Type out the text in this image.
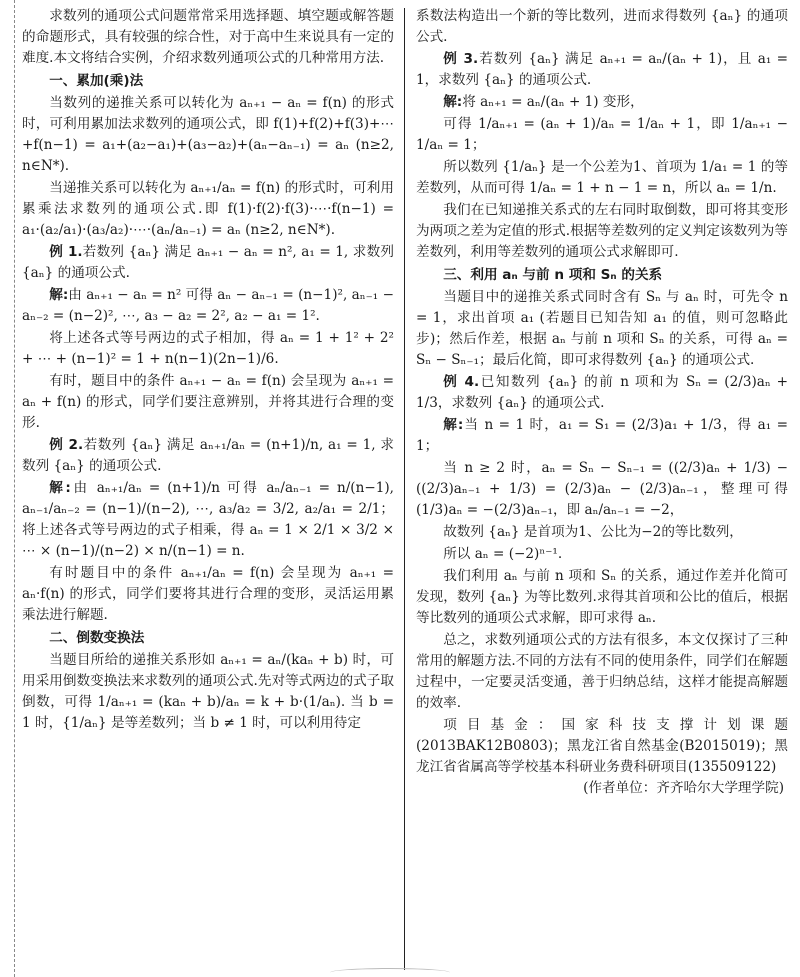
求数列的通项公式问题常常采用选择题、填空题或解答题的命题形式，具有较强的综合性，对于高中生来说具有一定的难度.本文将结合实例，介绍求数列通项公式的几种常用方法.
一、累加(乘)法
当数列的递推关系可以转化为 aₙ₊₁ − aₙ = f(n) 的形式时，可利用累加法求数列的通项公式，即 f(1)+f(2)+f(3)+⋯+f(n−1) = a₁+(a₂−a₁)+(a₃−a₂)+(aₙ−aₙ₋₁) = aₙ (n≥2, n∈N*).
当递推关系可以转化为 aₙ₊₁/aₙ = f(n) 的形式时，可利用累乘法求数列的通项公式.即 f(1)·f(2)·f(3)·⋯·f(n−1) = a₁·(a₂/a₁)·(a₃/a₂)·⋯·(aₙ/aₙ₋₁) = aₙ (n≥2, n∈N*).
例 1.若数列 {aₙ} 满足 aₙ₊₁ − aₙ = n², a₁ = 1, 求数列 {aₙ} 的通项公式.
解:由 aₙ₊₁ − aₙ = n² 可得 aₙ − aₙ₋₁ = (n−1)², aₙ₋₁ − aₙ₋₂ = (n−2)², ⋯, a₃ − a₂ = 2², a₂ − a₁ = 1².
将上述各式等号两边的式子相加，得 aₙ = 1 + 1² + 2² + ⋯ + (n−1)² = 1 + n(n−1)(2n−1)/6.
有时，题目中的条件 aₙ₊₁ − aₙ = f(n) 会呈现为 aₙ₊₁ = aₙ + f(n) 的形式，同学们要注意辨别，并将其进行合理的变形.
例 2.若数列 {aₙ} 满足 aₙ₊₁/aₙ = (n+1)/n, a₁ = 1, 求数列 {aₙ} 的通项公式.
解:由 aₙ₊₁/aₙ = (n+1)/n 可得 aₙ/aₙ₋₁ = n/(n−1), aₙ₋₁/aₙ₋₂ = (n−1)/(n−2), ⋯, a₃/a₂ = 3/2, a₂/a₁ = 2/1；将上述各式等号两边的式子相乘，得 aₙ = 1 × 2/1 × 3/2 × ⋯ × (n−1)/(n−2) × n/(n−1) = n.
有时题目中的条件 aₙ₊₁/aₙ = f(n) 会呈现为 aₙ₊₁ = aₙ·f(n) 的形式，同学们要将其进行合理的变形，灵活运用累乘法进行解题.
二、倒数变换法
当题目所给的递推关系形如 aₙ₊₁ = aₙ/(kaₙ + b) 时，可用采用倒数变换法来求数列的通项公式.先对等式两边的式子取倒数，可得 1/aₙ₊₁ = (kaₙ + b)/aₙ = k + b·(1/aₙ). 当 b = 1 时，{1/aₙ} 是等差数列；当 b ≠ 1 时，可以利用待定
系数法构造出一个新的等比数列，进而求得数列 {aₙ} 的通项公式.
例 3.若数列 {aₙ} 满足 aₙ₊₁ = aₙ/(aₙ + 1)，且 a₁ = 1，求数列 {aₙ} 的通项公式.
解:将 aₙ₊₁ = aₙ/(aₙ + 1) 变形，
可得 1/aₙ₊₁ = (aₙ + 1)/aₙ = 1/aₙ + 1，即 1/aₙ₊₁ − 1/aₙ = 1；
所以数列 {1/aₙ} 是一个公差为1、首项为 1/a₁ = 1 的等差数列，从而可得 1/aₙ = 1 + n − 1 = n，所以 aₙ = 1/n.
我们在已知递推关系式的左右同时取倒数，即可将其变形为两项之差为定值的形式.根据等差数列的定义判定该数列为等差数列，利用等差数列的通项公式求解即可.
三、利用 aₙ 与前 n 项和 Sₙ 的关系
当题目中的递推关系式同时含有 Sₙ 与 aₙ 时，可先令 n = 1，求出首项 a₁ (若题目已知告知 a₁ 的值，则可忽略此步)；然后作差，根据 aₙ 与前 n 项和 Sₙ 的关系，可得 aₙ = Sₙ − Sₙ₋₁；最后化简，即可求得数列 {aₙ} 的通项公式.
例 4.已知数列 {aₙ} 的前 n 项和为 Sₙ = (2/3)aₙ + 1/3，求数列 {aₙ} 的通项公式.
解:当 n = 1 时，a₁ = S₁ = (2/3)a₁ + 1/3，得 a₁ = 1；
当 n ≥ 2 时，aₙ = Sₙ − Sₙ₋₁ = ((2/3)aₙ + 1/3) − ((2/3)aₙ₋₁ + 1/3) = (2/3)aₙ − (2/3)aₙ₋₁，整理可得 (1/3)aₙ = −(2/3)aₙ₋₁，即 aₙ/aₙ₋₁ = −2，
故数列 {aₙ} 是首项为1、公比为−2的等比数列，
所以 aₙ = (−2)ⁿ⁻¹.
我们利用 aₙ 与前 n 项和 Sₙ 的关系，通过作差并化简可发现，数列 {aₙ} 为等比数列.求得其首项和公比的值后，根据等比数列的通项公式求解，即可求得 aₙ.
总之，求数列通项公式的方法有很多，本文仅探讨了三种常用的解题方法.不同的方法有不同的使用条件，同学们在解题过程中，一定要灵活变通，善于归纳总结，这样才能提高解题的效率.
项目基金：国家科技支撑计划课题(2013BAK12B0803)；黑龙江省自然基金(B2015019)；黑龙江省省属高等学校基本科研业务费科研项目(135509122)
(作者单位：齐齐哈尔大学理学院)
